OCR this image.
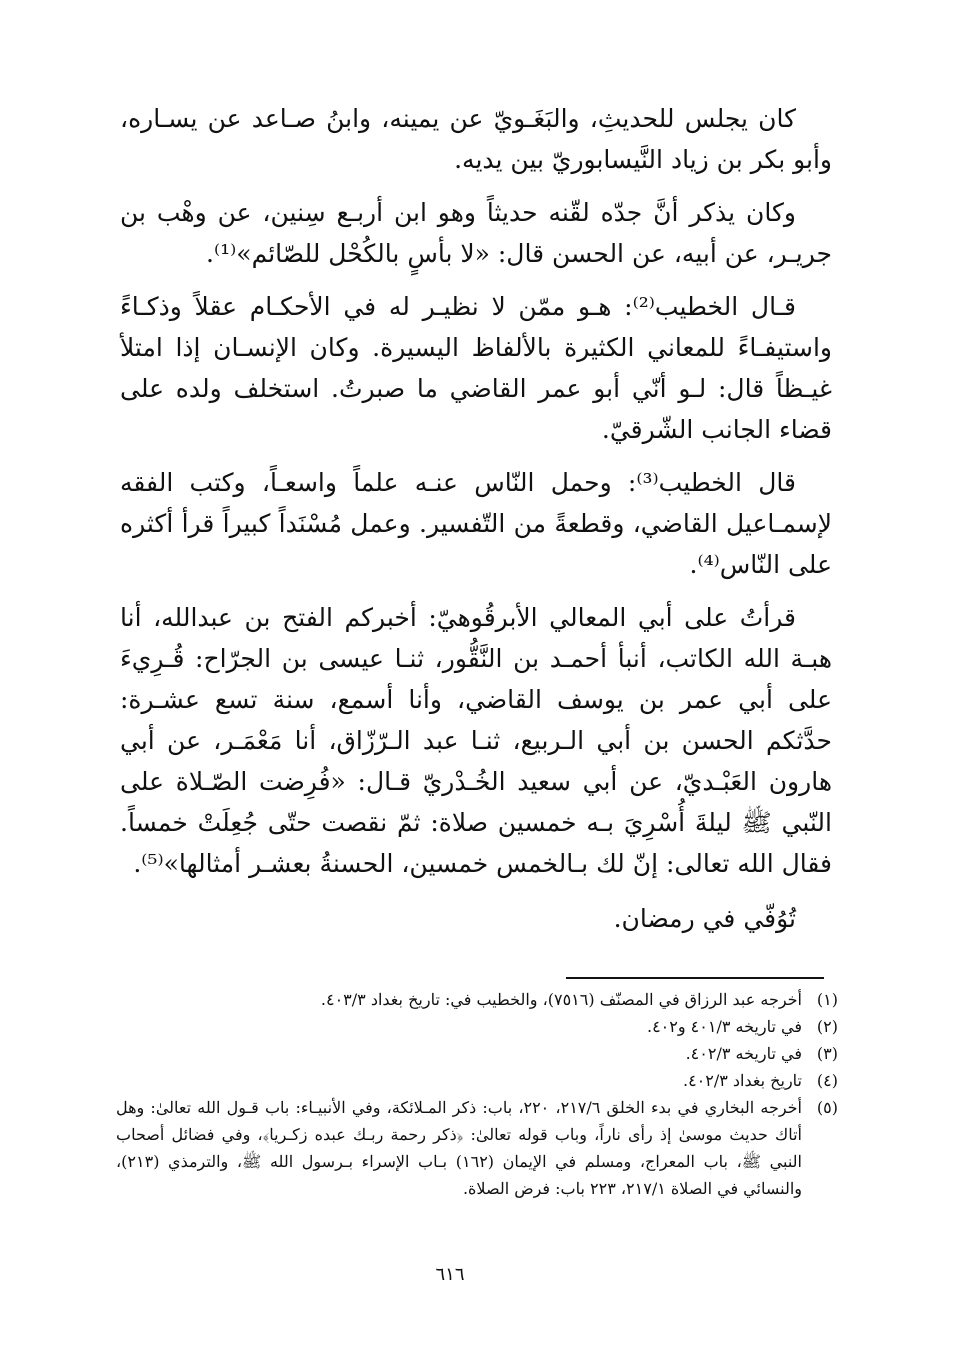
كان يجلس للحديثِ، والبَغَـويّ عن يمينه، وابنُ صـاعد عن يسـاره، وأبو بكر بن زياد النَّيسابوريّ بين يديه.

وكان يذكر أنَّ جدّه لقّنه حديثاً وهو ابن أربـع سِنين، عن وهْب بن جريـر، عن أبيه، عن الحسن قال: «لا بأسٍ بالكُحْل للصّائم»⁽¹⁾.

قـال الخطيب⁽²⁾: هـو ممّن لا نظيـر له في الأحكـام عقلاً وذكـاءً واستيفـاءً للمعاني الكثيرة بالألفاظ اليسيرة. وكان الإنسـان إذا امتلأ غيـظاً قال: لـو أنّي أبو عمر القاضي ما صبرتُ. استخلف ولده على قضاء الجانب الشّرقيّ.

قال الخطيب⁽³⁾: وحمل النّاس عنـه علماً واسعـاً، وكتب الفقه لإسمـاعيل القاضي، وقطعةً من التّفسير. وعمل مُسْنَداً كبيراً قرأ أكثره على النّاس⁽⁴⁾.

قرأتُ على أبي المعالي الأبرقُوهيّ: أخبركم الفتح بن عبدالله، أنا هبـة الله الكاتب، أنبأ أحمـد بن النَّقُّور، ثنـا عيسى بن الجرّاح: قُـرِيءَ على أبي عمر بن يوسف القاضي، وأنا أسمع، سنة تسع عشـرة: حدَّثكم الحسن بن أبي الـربيع، ثنـا عبد الـرّزّاق، أنا مَعْمَـر، عن أبي هارون العَبْـديّ، عن أبي سعيد الخُـدْريّ قـال: «فُرِضت الصّـلاة على النّبي ﷺ ليلةَ أُسْرِيَ بـه خمسين صلاة: ثمّ نقصت حتّى جُعِلَتْ خمساً. فقال الله تعالى: إنّ لك بـالخمس خمسين، الحسنةُ بعشـر أمثالها»⁽⁵⁾.

تُوُفّي في رمضان.

(١)
أخرجه عبد الرزاق في المصنّف (٧٥١٦)، والخطيب في: تاريخ بغداد ٤٠٣/٣.
(٢)
في تاريخه ٤٠١/٣ و٤٠٢.
(٣)
في تاريخه ٤٠٢/٣.
(٤)
تاريخ بغداد ٤٠٢/٣.
(٥)
أخرجه البخاري في بدء الخلق ٢١٧/٦، ٢٢٠، باب: ذكر المـلائكة، وفي الأنبيـاء: باب قـول الله تعالىٰ: وهل أتاك حديث موسىٰ إذ رأى ناراً، وباب قوله تعالىٰ: ﴿ذكر رحمة ربـك عبده زكـريا﴾، وفي فضائل أصحاب النبي ﷺ، باب المعراج، ومسلم في الإيمان (١٦٢) بـاب الإسراء بـرسول الله ﷺ، والترمذي (٢١٣)، والنسائي في الصلاة ٢١٧/١، ٢٢٣ باب: فرض الصلاة.
٦١٦
